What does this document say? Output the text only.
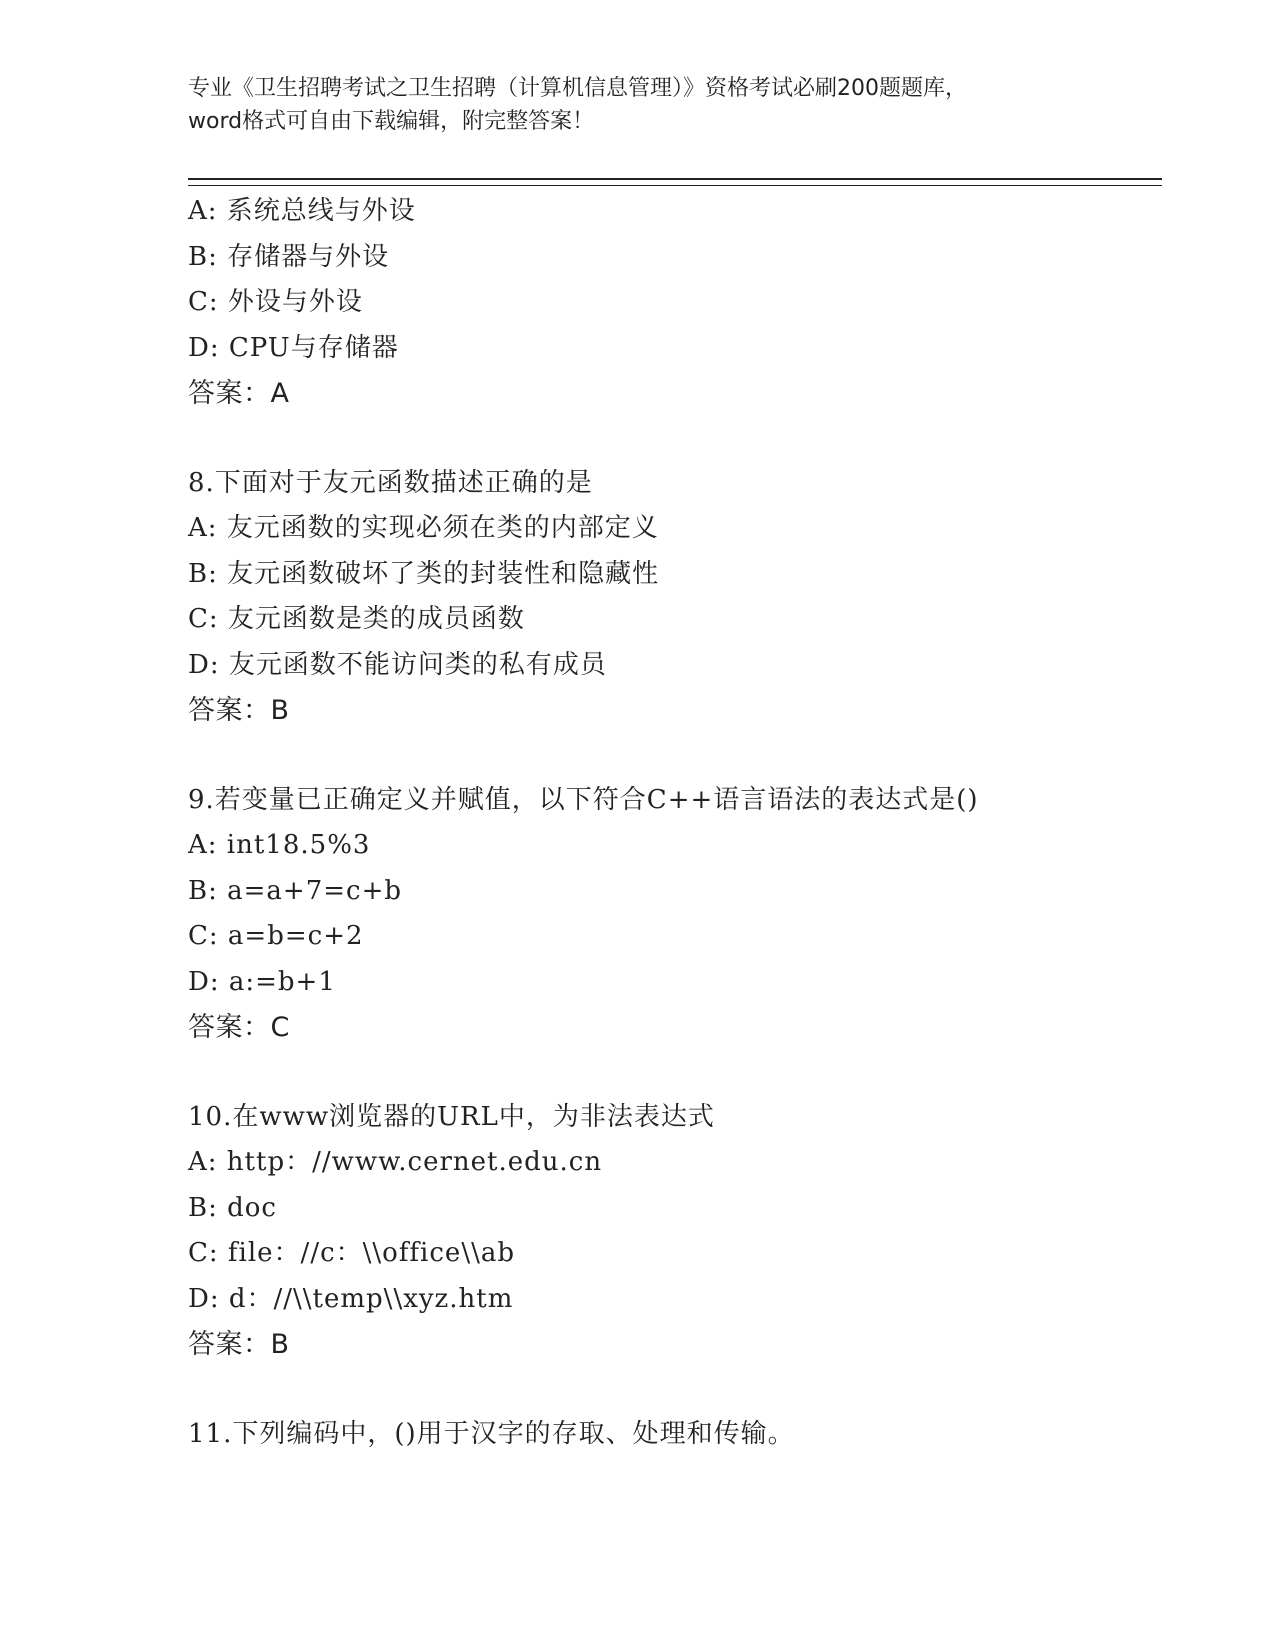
专业《卫生招聘考试之卫生招聘（计算机信息管理）》资格考试必刷200题题库，
word格式可自由下载编辑，附完整答案！
A: 系统总线与外设
B: 存储器与外设
C: 外设与外设
D: CPU与存储器
答案：A
8.下面对于友元函数描述正确的是
A: 友元函数的实现必须在类的内部定义
B: 友元函数破坏了类的封装性和隐藏性
C: 友元函数是类的成员函数
D: 友元函数不能访问类的私有成员
答案：B
9.若变量已正确定义并赋值，以下符合C++语言语法的表达式是()
A: int18.5%3
B: a=a+7=c+b
C: a=b=c+2
D: a:=b+1
答案：C
10.在www浏览器的URL中，为非法表达式
A: http：//www.cernet.edu.cn
B: doc
C: file：//c：\\office\\ab
D: d：//\\temp\\xyz.htm
答案：B
11.下列编码中，()用于汉字的存取、处理和传输。
